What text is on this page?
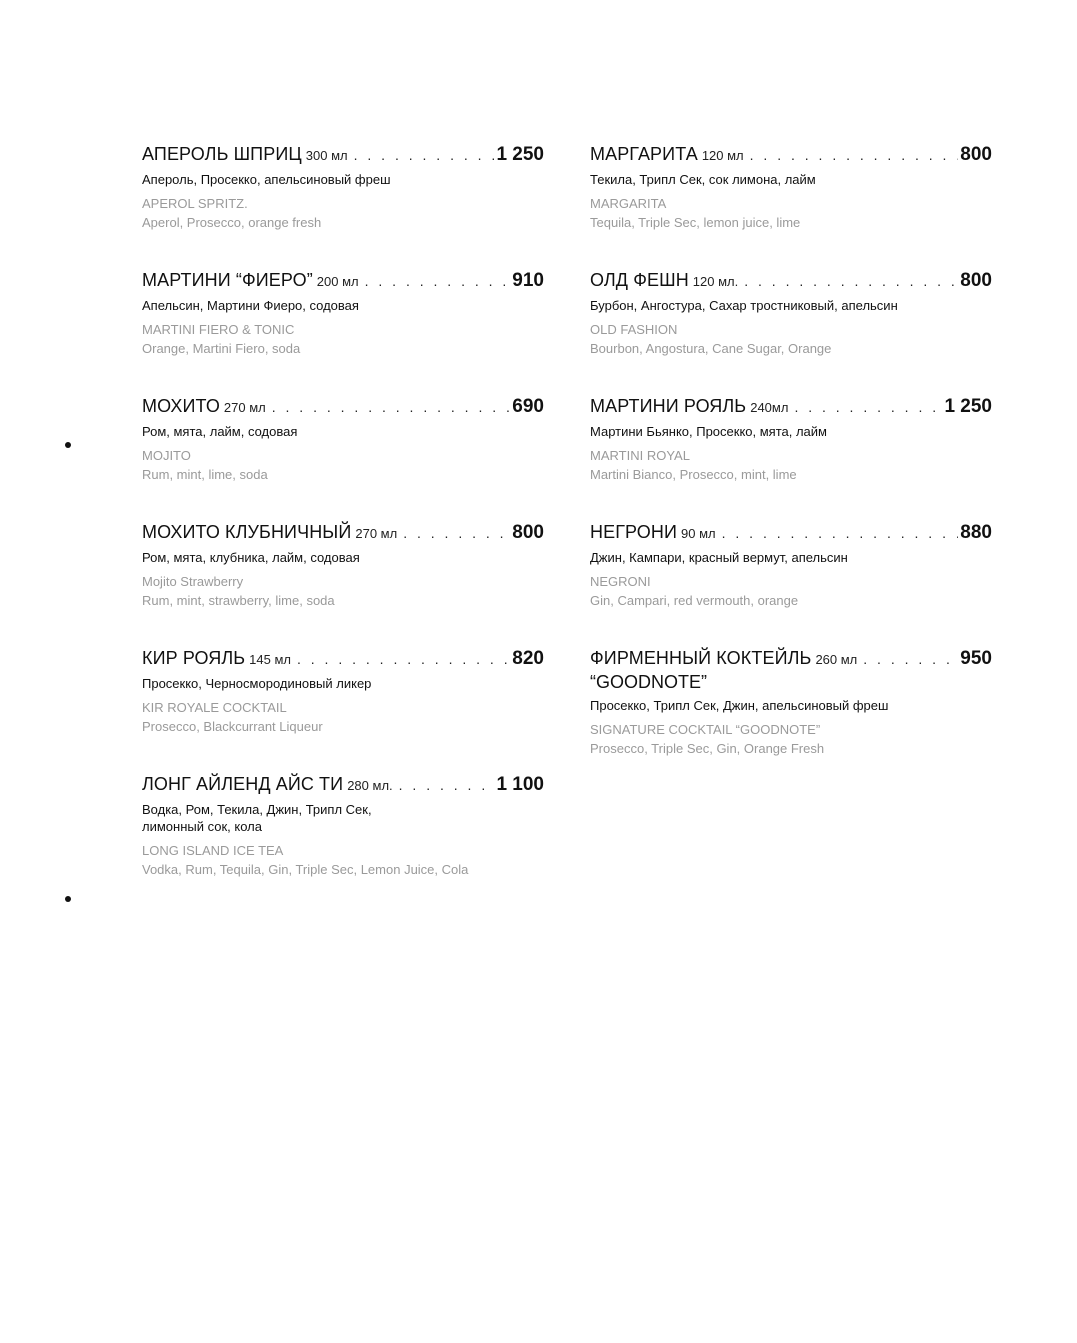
АПЕРОЛЬ ШПРИЦ 300 мл . . .	1 250
Апероль, Просекко, апельсиновый фреш
APEROL SPRITZ.
Aperol, Prosecco, orange fresh
МАРТИНИ “ФИЕРО” 200 мл . . .	910
Апельсин, Мартини Фиеро, содовая
MARTINI FIERO & TONIC
Orange, Martini Fiero, soda
МОХИТО 270 мл . . .	690
Ром, мята, лайм, содовая
MOJITO
Rum, mint, lime, soda
МОХИТО КЛУБНИЧНЫЙ 270 мл . . .	800
Ром, мята, клубника, лайм, содовая
Mojito Strawberry
Rum, mint, strawberry, lime, soda
КИР РОЯЛЬ 145 мл . . .	820
Просекко, Черносмородиновый ликер
KIR ROYALE COCKTAIL
Prosecco, Blackcurrant Liqueur
ЛОНГ АЙЛЕНД АЙС ТИ 280 мл. . . .	1 100
Водка, Ром, Текила, Джин, Трипл Сек,
лимонный сок, кола
LONG ISLAND ICE TEA
Vodka, Rum, Tequila, Gin, Triple Sec, Lemon Juice, Cola
МАРГАРИТА 120 мл . . .	800
Текила, Трипл Сек, сок лимона, лайм
MARGARITA
Tequila, Triple Sec, lemon juice, lime
ОЛД ФЕШН 120 мл. . . .	800
Бурбон, Ангостура, Сахар тростниковый, апельсин
OLD FASHION
Bourbon, Angostura, Cane Sugar, Orange
МАРТИНИ РОЯЛЬ 240мл . . .	1 250
Мартини Бьянко, Просекко, мята, лайм
MARTINI ROYAL
Martini Bianco, Prosecco, mint, lime
НЕГРОНИ 90 мл . . .	880
Джин, Кампари, красный вермут, апельсин
NEGRONI
Gin, Campari, red vermouth, orange
ФИРМЕННЫЙ КОКТЕЙЛЬ 260 мл . . .	950
“GOODNOTE”
Просекко, Трипл Сек, Джин, апельсиновый фреш
SIGNATURE COCKTAIL “GOODNOTE”
Prosecco, Triple Sec, Gin, Orange Fresh
